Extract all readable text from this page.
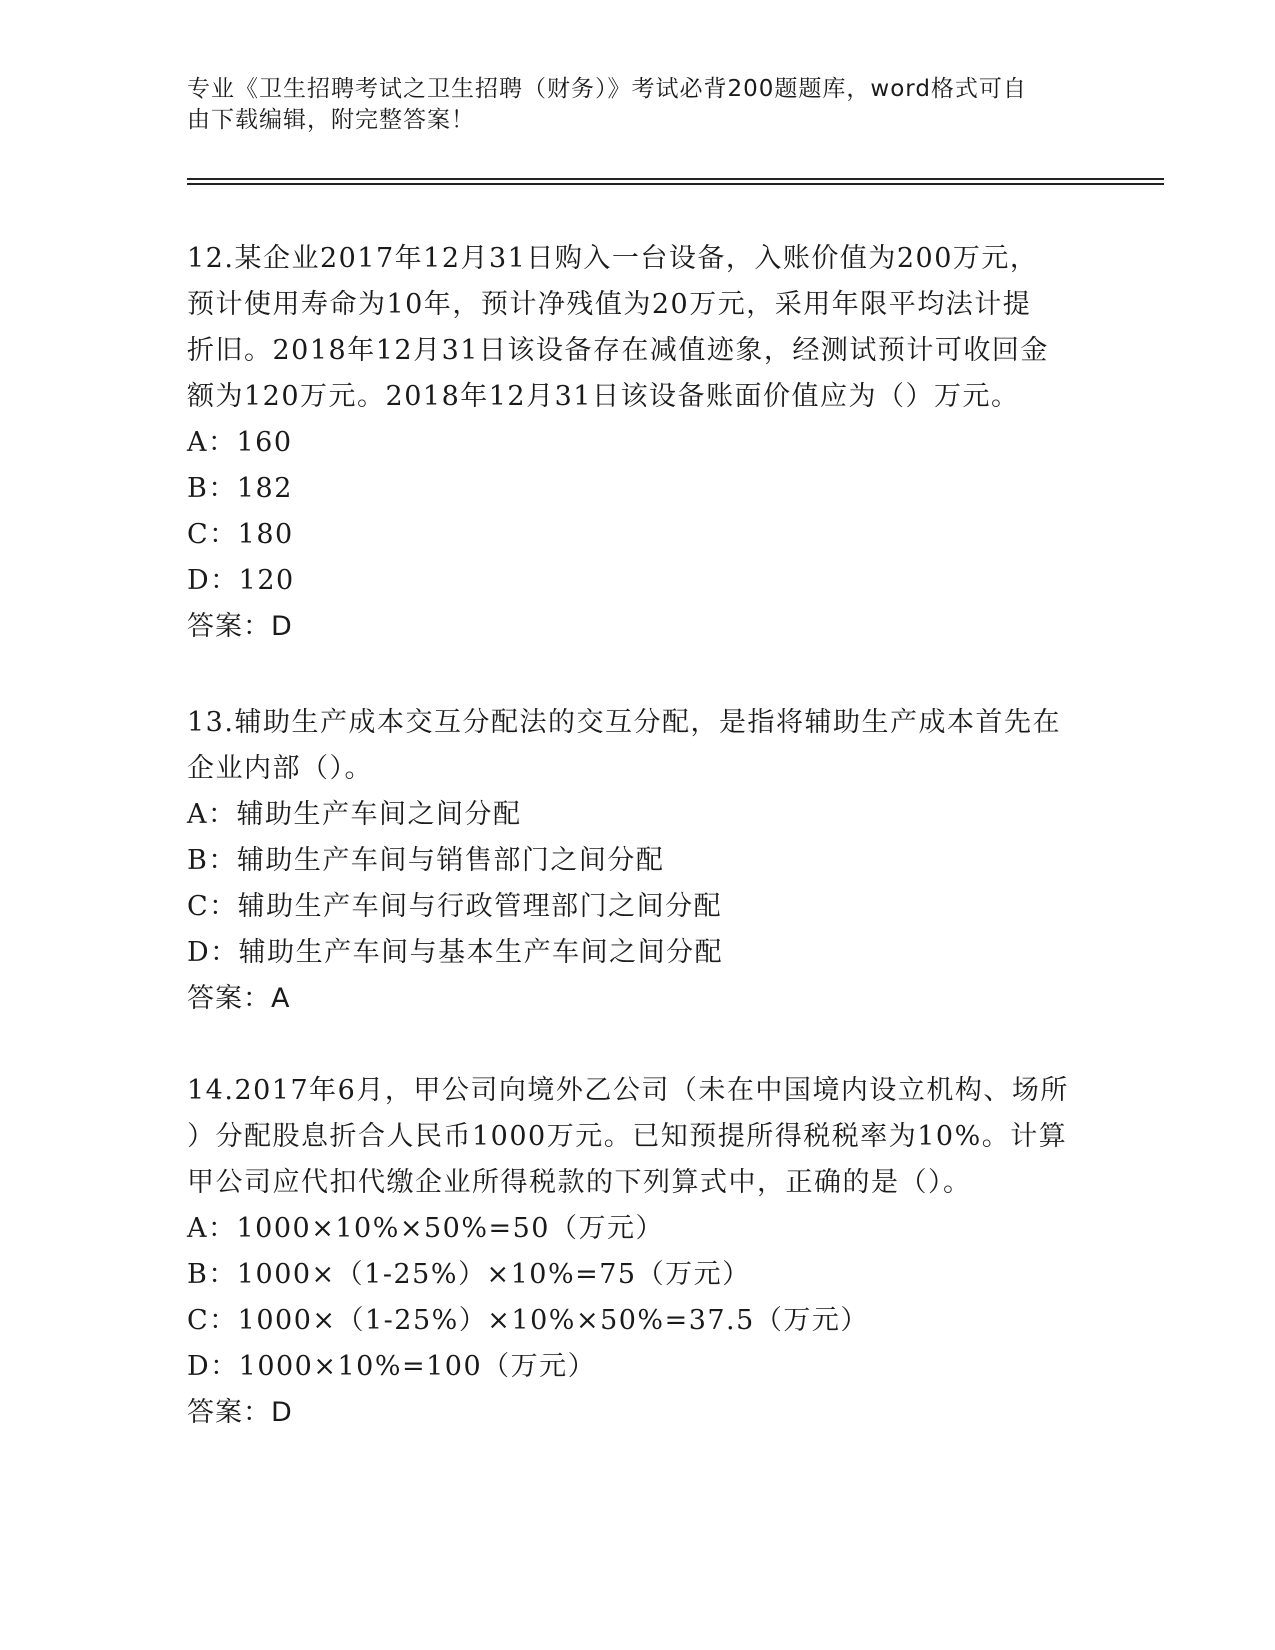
专业《卫生招聘考试之卫生招聘（财务）》考试必背200题题库，word格式可自
由下载编辑，附完整答案！
12.某企业2017年12月31日购入一台设备，入账价值为200万元，
预计使用寿命为10年，预计净残值为20万元，采用年限平均法计提
折旧。2018年12月31日该设备存在减值迹象，经测试预计可收回金
额为120万元。2018年12月31日该设备账面价值应为（）万元。
A：160
B：182
C：180
D：120
答案：D
13.辅助生产成本交互分配法的交互分配，是指将辅助生产成本首先在
企业内部（）。
A：辅助生产车间之间分配
B：辅助生产车间与销售部门之间分配
C：辅助生产车间与行政管理部门之间分配
D：辅助生产车间与基本生产车间之间分配
答案：A
14.2017年6月，甲公司向境外乙公司（未在中国境内设立机构、场所
）分配股息折合人民币1000万元。已知预提所得税税率为10%。计算
甲公司应代扣代缴企业所得税款的下列算式中，正确的是（）。
A：1000×10%×50%=50（万元）
B：1000×（1-25%）×10%=75（万元）
C：1000×（1-25%）×10%×50%=37.5（万元）
D：1000×10%=100（万元）
答案：D
